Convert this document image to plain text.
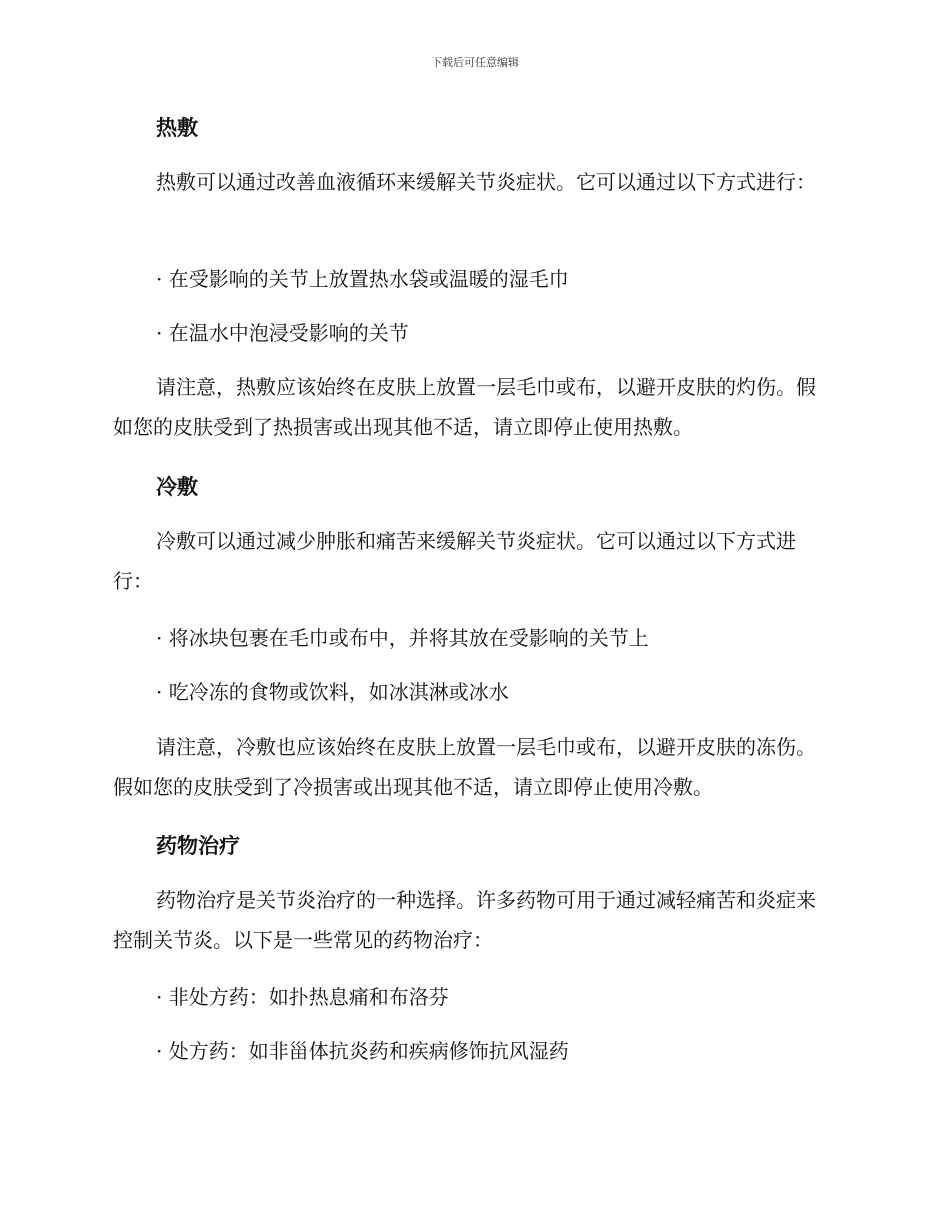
下载后可任意编辑
热敷
热敷可以通过改善血液循环来缓解关节炎症状。它可以通过以下方式进行：
· 在受影响的关节上放置热水袋或温暖的湿毛巾
· 在温水中泡浸受影响的关节
请注意，热敷应该始终在皮肤上放置一层毛巾或布，以避开皮肤的灼伤。假如您的皮肤受到了热损害或出现其他不适，请立即停止使用热敷。
冷敷
冷敷可以通过减少肿胀和痛苦来缓解关节炎症状。它可以通过以下方式进行：
· 将冰块包裹在毛巾或布中，并将其放在受影响的关节上
· 吃冷冻的食物或饮料，如冰淇淋或冰水
请注意，冷敷也应该始终在皮肤上放置一层毛巾或布，以避开皮肤的冻伤。假如您的皮肤受到了冷损害或出现其他不适，请立即停止使用冷敷。
药物治疗
药物治疗是关节炎治疗的一种选择。许多药物可用于通过减轻痛苦和炎症来控制关节炎。以下是一些常见的药物治疗：
· 非处方药：如扑热息痛和布洛芬
· 处方药：如非甾体抗炎药和疾病修饰抗风湿药
